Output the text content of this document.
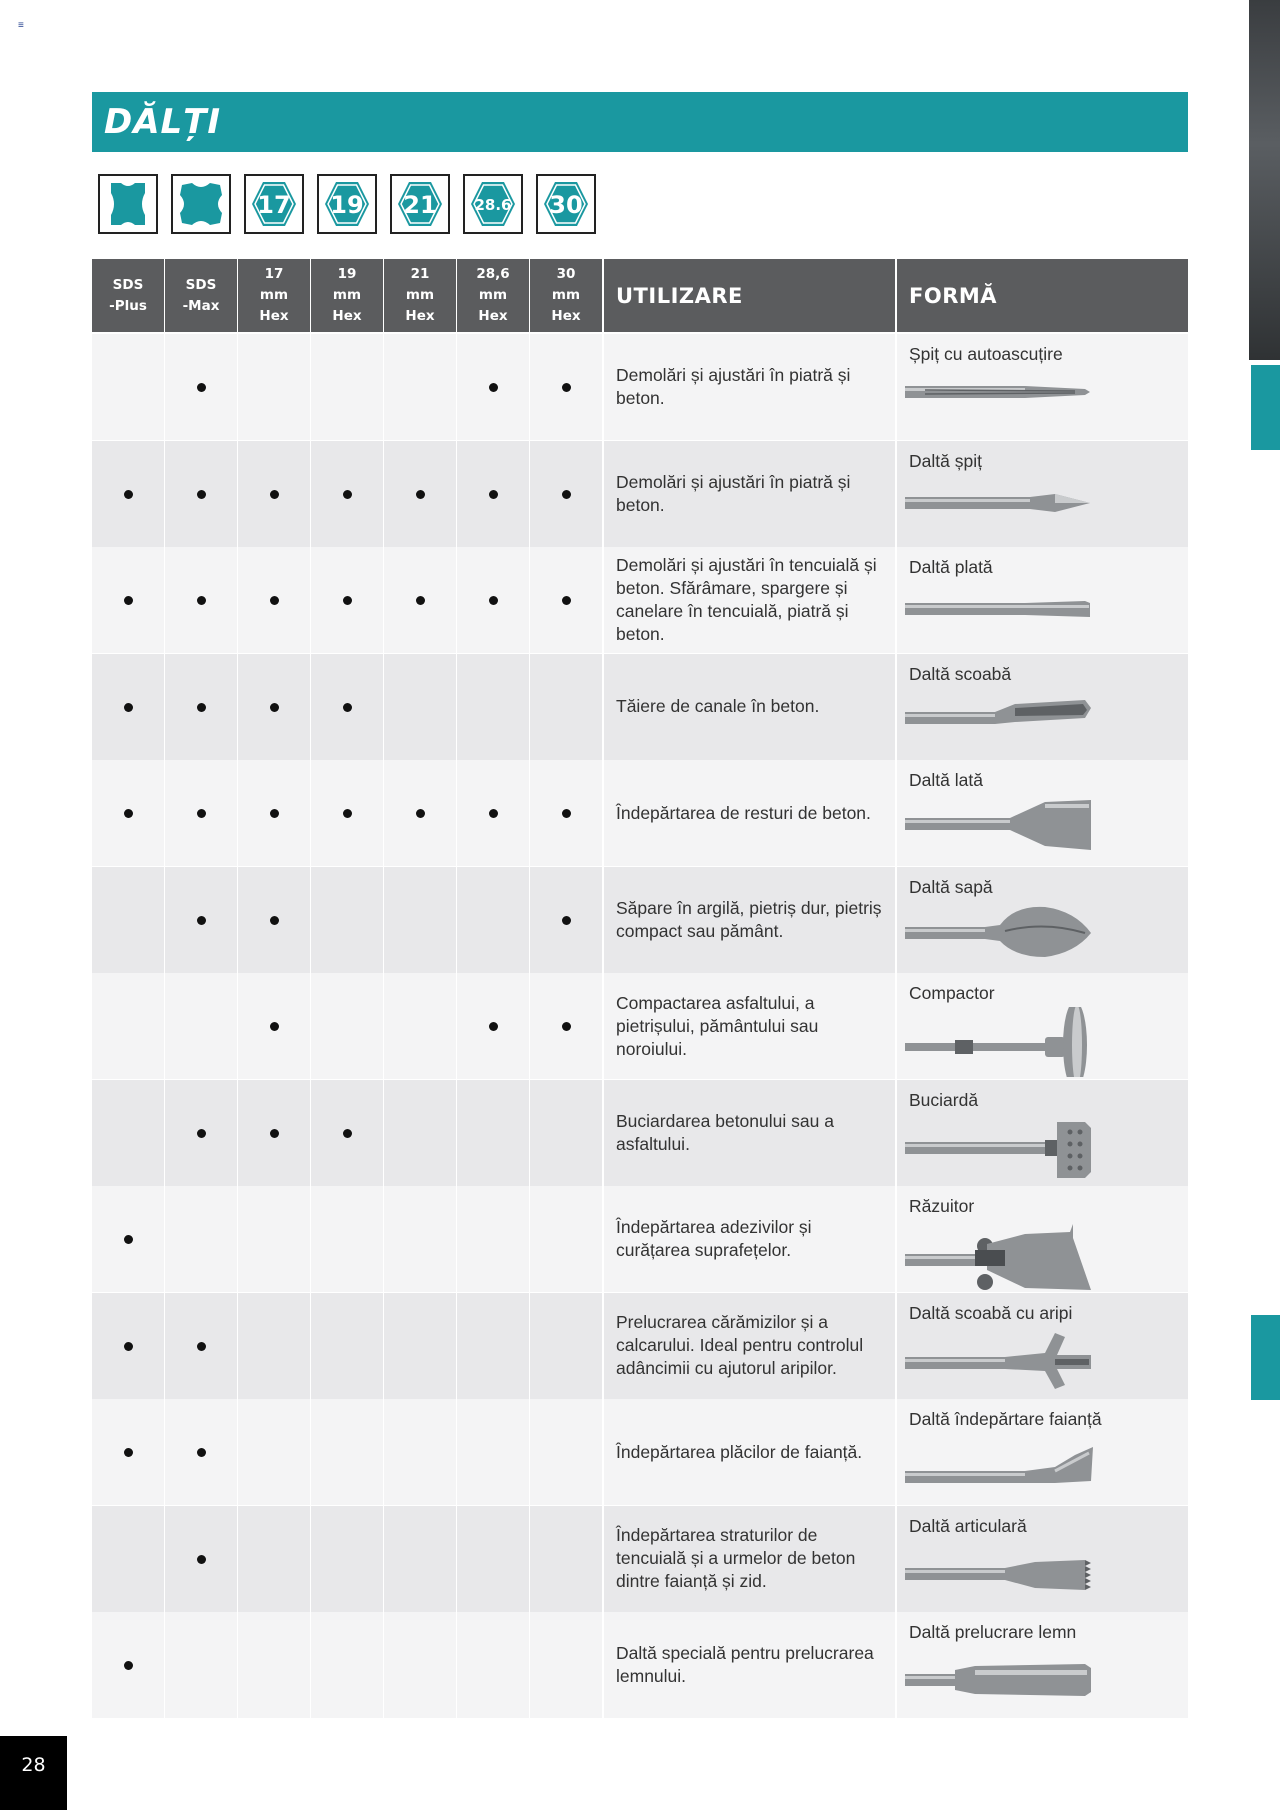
≡
DĂLȚI
17 19 21	28.6 30
SDS
-Plus
SDS
-Max
17
mm
Hex
19
mm
Hex
21
mm
Hex
28,6
mm
Hex
30
mm
Hex
UTILIZARE	FORMĂ
Demolări și ajustări în piatră și beton.
Șpiț cu autoascuțire
Demolări și ajustări în piatră și beton.
Daltă șpiț
Demolări și ajustări în tencuială și beton. Sfărâmare, spargere și canelare în tencuială, piatră și beton.
Daltă plată
Tăiere de canale în beton.
Daltă scoabă
Îndepărtarea de resturi de beton.
Daltă lată
Săpare în argilă, pietriș dur, pietriș compact sau pământ.
Daltă sapă
Compactarea asfaltului, a pietrișului, pământului sau noroiului.
Compactor
Buciardarea betonului sau a asfaltului.
Buciardă
Îndepărtarea adezivilor și curățarea suprafețelor.
Răzuitor
Prelucrarea cărămizilor și a calcarului. Ideal pentru controlul adâncimii cu ajutorul aripilor.
Daltă scoabă cu aripi
Îndepărtarea plăcilor de faianță.
Daltă îndepărtare faianță
Îndepărtarea straturilor de tencuială și a urmelor de beton dintre faianță și zid.
Daltă articulară
Daltă specială pentru prelucrarea lemnului.
Daltă prelucrare lemn
28
